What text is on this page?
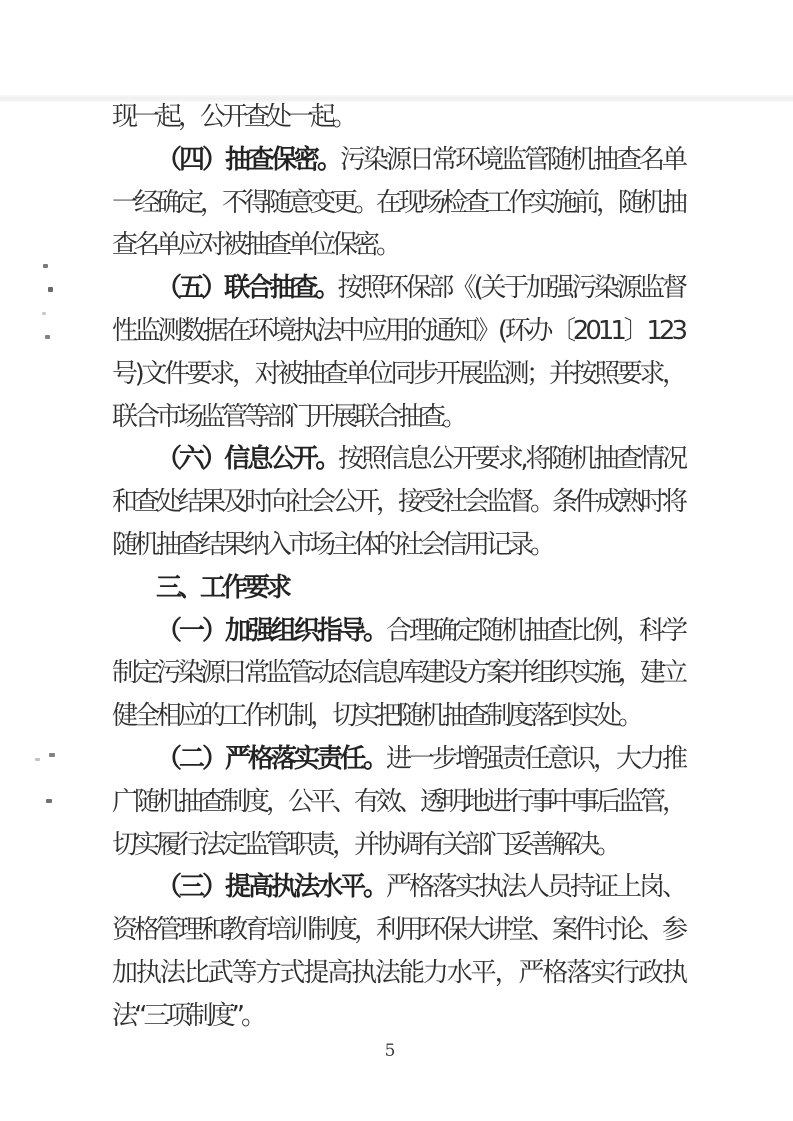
现一起，公开查处一起。

（四）抽查保密。污染源日常环境监管随机抽查名单一经确定，不得随意变更。在现场检查工作实施前，随机抽查名单应对被抽查单位保密。

（五）联合抽查。按照环保部《(关于加强污染源监督性监测数据在环境执法中应用的通知》(环办〔2011〕123 号)文件要求，对被抽查单位同步开展监测；并按照要求，联合市场监管等部门开展联合抽查。

（六）信息公开。按照信息公开要求,将随机抽查情况和查处结果及时向社会公开，接受社会监督。条件成熟时将随机抽查结果纳入市场主体的社会信用记录。

三、工作要求

（一）加强组织指导。合理确定随机抽查比例，科学制定污染源日常监管动态信息库建设方案并组织实施，建立健全相应的工作机制，切实把随机抽查制度落到实处。

（二）严格落实责任。进一步增强责任意识，大力推广随机抽查制度，公平、有效、透明地进行事中事后监管，切实履行法定监管职责，并协调有关部门妥善解决。

（三）提高执法水平。严格落实执法人员持证上岗、资格管理和教育培训制度，利用环保大讲堂、案件讨论、参加执法比武等方式提高执法能力水平，严格落实行政执法“三项制度”。

5
